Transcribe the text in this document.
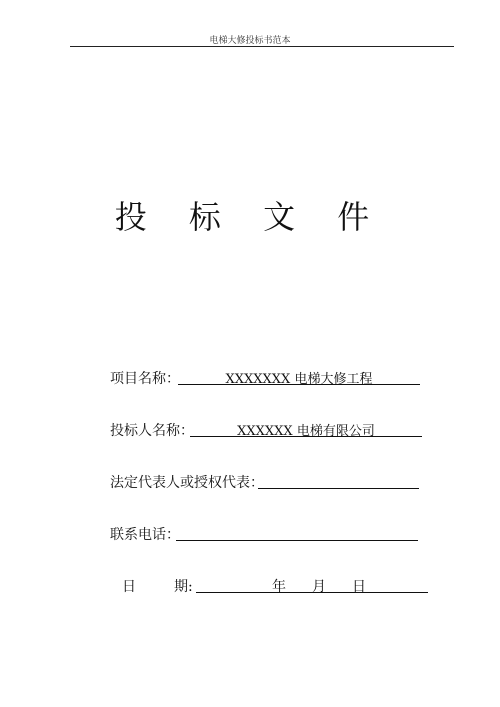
电梯大修投标书范本
投 标 文 件
项目名称：	XXXXXXX 电梯大修工程
投标人名称：	XXXXXX 电梯有限公司
法定代表人或授权代表：
联系电话：
日	期:	年 月 日
